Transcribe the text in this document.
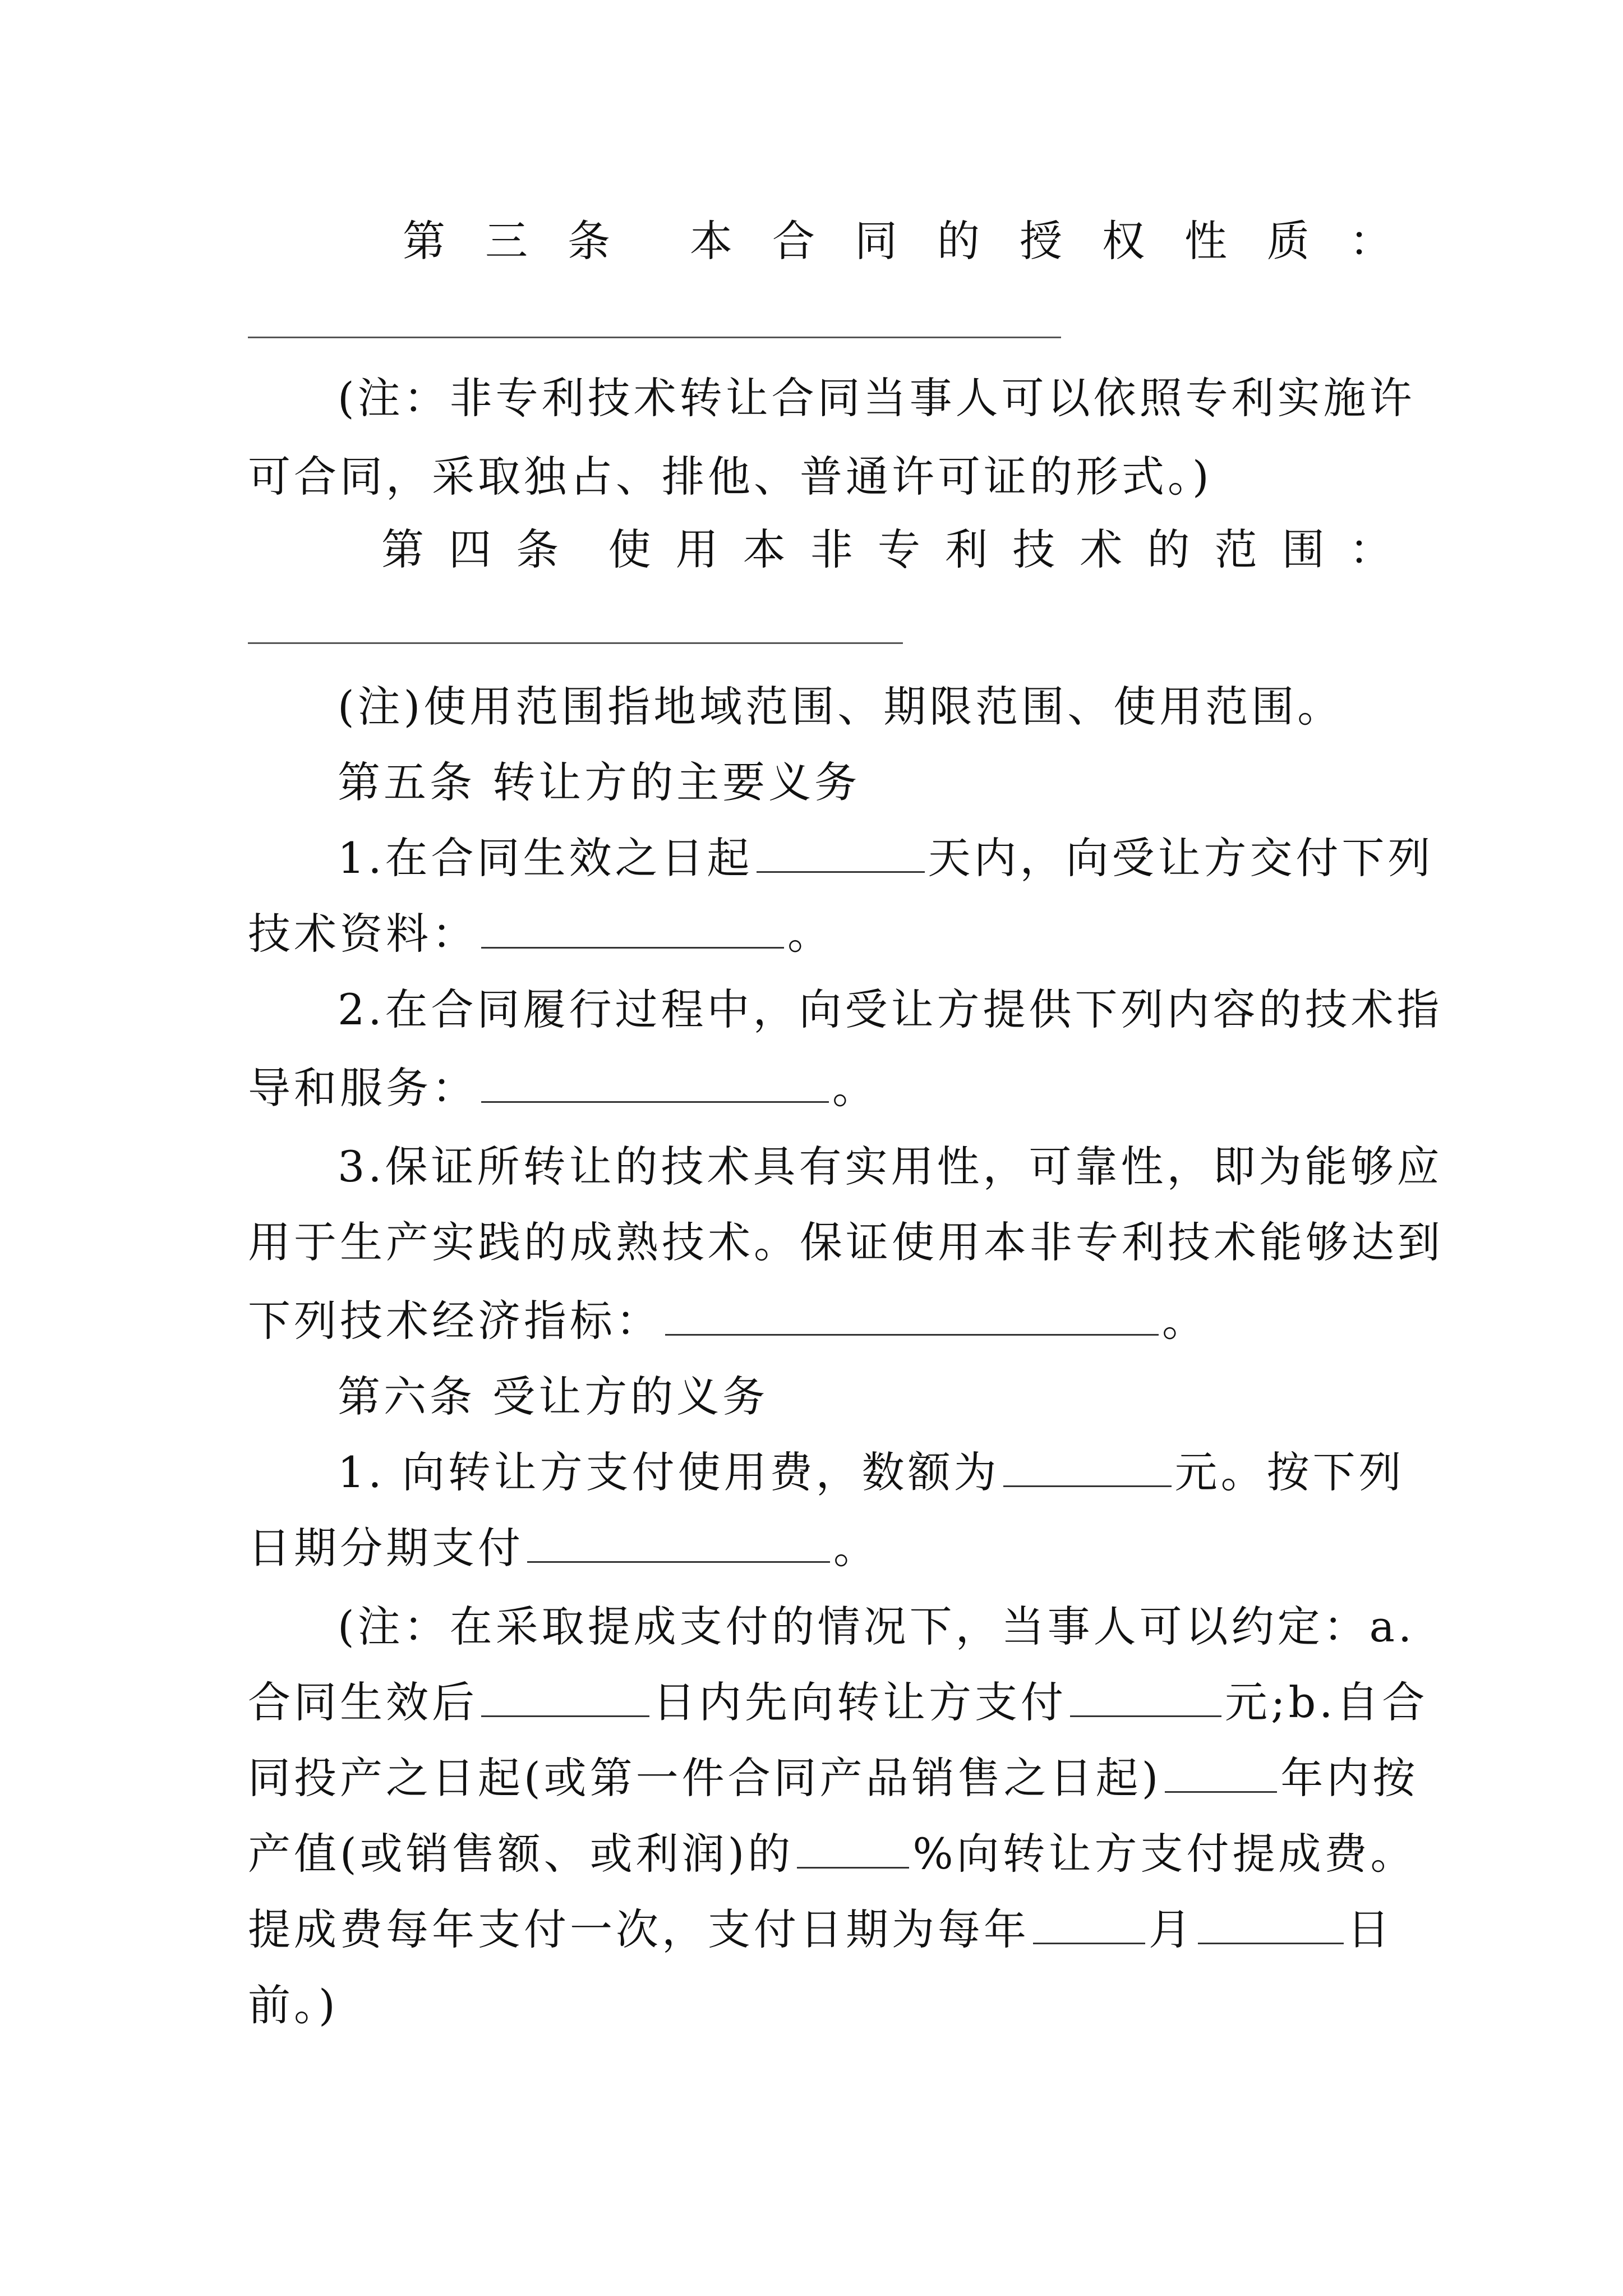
第 三 条 本 合 同 的 授 权 性 质 ：
(注：非专利技术转让合同当事人可以依照专利实施许
可合同，采取独占、排他、普通许可证的形式。)
第 四 条 使 用 本 非 专 利 技 术 的 范 围 ：
(注)使用范围指地域范围、期限范围、使用范围。
第五条 转让方的主要义务
1.在合同生效之日起	天内，向受让方交付下列
技术资料：	。
2.在合同履行过程中，向受让方提供下列内容的技术指
导和服务：	。
3.保证所转让的技术具有实用性，可靠性，即为能够应
用于生产实践的成熟技术。保证使用本非专利技术能够达到
下列技术经济指标：	。
第六条 受让方的义务
1. 向转让方支付使用费，数额为	元。按下列
日期分期支付	。
(注：在采取提成支付的情况下，当事人可以约定：a.
合同生效后	日内先向转让方支付	元;b.自合
同投产之日起(或第一件合同产品销售之日起)	年内按
产值(或销售额、或利润)的	%向转让方支付提成费。
提成费每年支付一次，支付日期为每年	月	日
前。)
